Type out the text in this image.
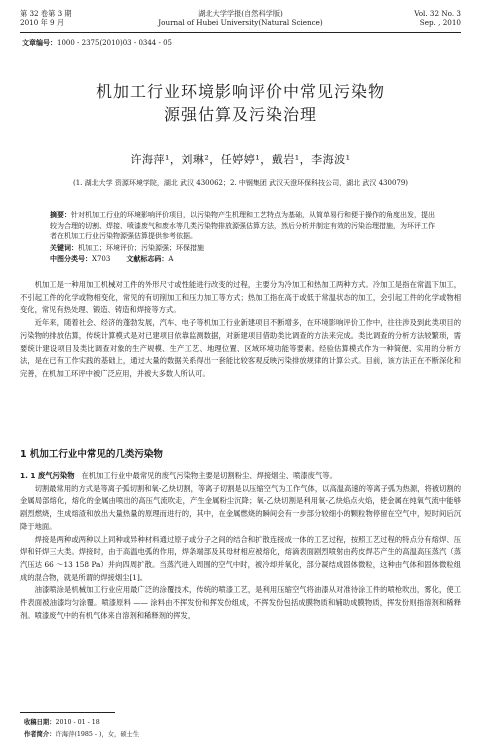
第 32 卷第 3 期
2010 年 9 月
湖北大学学报(自然科学版)
Journal of Hubei University(Natural Science)
Vol. 32 No. 3
Sep. , 2010
文章编号：1000 - 2375(2010)03 - 0344 - 05
机加工行业环境影响评价中常见污染物
源强估算及污染治理
许海萍¹，刘琳²，任婷婷¹，戴岩¹，李海波¹
(1. 湖北大学 资源环境学院，湖北 武汉 430062；2. 中钢集团 武汉天澄环保科技公司，湖北 武汉 430079)
摘要：针对机加工行业的环境影响评价项目，以污染物产生机理和工艺特点为基础，从简单易行和便于操作的角度出发，提出较为合理的切割、焊接、喷漆废气和废水等几类污染物排放源强估算方法，然后分析并制定有效的污染治理措施，为环评工作者在机加工行业污染物源强估算提供参考依据。
关键词：机加工；环境评价；污染源强；环保措施
中图分类号：X703 文献标志码：A

机加工是一种用加工机械对工件的外形尺寸或性能进行改变的过程，主要分为冷加工和热加工两种方式。冷加工是指在常温下加工，不引起工件的化学或物相变化，常见的有切削加工和压力加工等方式；热加工指在高于或低于常温状态的加工，会引起工件的化学或物相变化，常见有热处理、锻造、铸造和焊接等方式。

近年来，随着社会、经济的蓬勃发展，汽车、电子等机加工行业新建项目不断增多，在环境影响评价工作中，往往涉及到此类项目的污染物的排放估算，传统计算模式是对已建项目依靠监测数据，对新建项目借助类比调查的方法来完成。类比调查的分析方法较繁琐，需要统计建设项目及类比调查对象的生产规模、生产工艺、地理位置、区域环境功能等要素。经验估算模式作为一种简便、实用的分析方法，是在已有工作实践的基础上，通过大量的数据关系得出一套能比较客观反映污染排放规律的计算公式。目前，该方法正在不断深化和完善，在机加工环评中被广泛应用，并被大多数人所认可。

1 机加工行业中常见的几类污染物
1. 1 废气污染物 在机加工行业中最常见的废气污染物主要是切割粉尘、焊接烟尘、喷漆废气等。

切割最常用的方式是等离子弧切割和氧-乙炔切割，等离子切割是以压缩空气为工作气体，以高温高速的等离子弧为热源，将被切割的金属局部熔化，熔化的金属由喷出的高压气流吹走，产生金属粉尘沉降；氧-乙炔切割是利用氧-乙炔焰点火焰，使金属在纯氧气流中能够剧烈燃烧，生成熔渣和放出大量热量的原理而进行的，其中，在金属燃烧的瞬间会有一步部分较细小的颗粒物停留在空气中，短时间后沉降于地面。

焊接是两种或两种以上同种或异种材料通过原子或分子之间的结合和扩散连接成一体的工艺过程，按照工艺过程的特点分有熔焊、压焊和钎焊三大类。焊接时，由于高温电弧的作用，焊条端部及其母材相应被熔化，熔滴表面剧烈喷射由药皮焊芯产生的高温高压蒸汽（蒸汽压达 66 ～13 158 Pa）并向四周扩散。当蒸汽进入周围的空气中时，被冷却并氧化，部分凝结成固体微粒，这种由气体和固体微粒组成的混合物，就是所谓的焊接烟尘[1]。

油漆喷涂是机械加工行业应用最广泛的涂覆技术，传统的喷漆工艺，是利用压缩空气将油漆从对准待涂工件的喷枪吹出，雾化，使工件表面被油漆均匀涂覆。喷漆原料 —— 涂料由不挥发份和挥发份组成，不挥发份包括成膜物质和辅助成膜物质，挥发份则指溶剂和稀释剂。喷漆废气中的有机气体来自溶剂和稀释剂的挥发，

收稿日期：2010 - 01 - 18
作者简介：许海萍(1985 - )，女，硕士生
